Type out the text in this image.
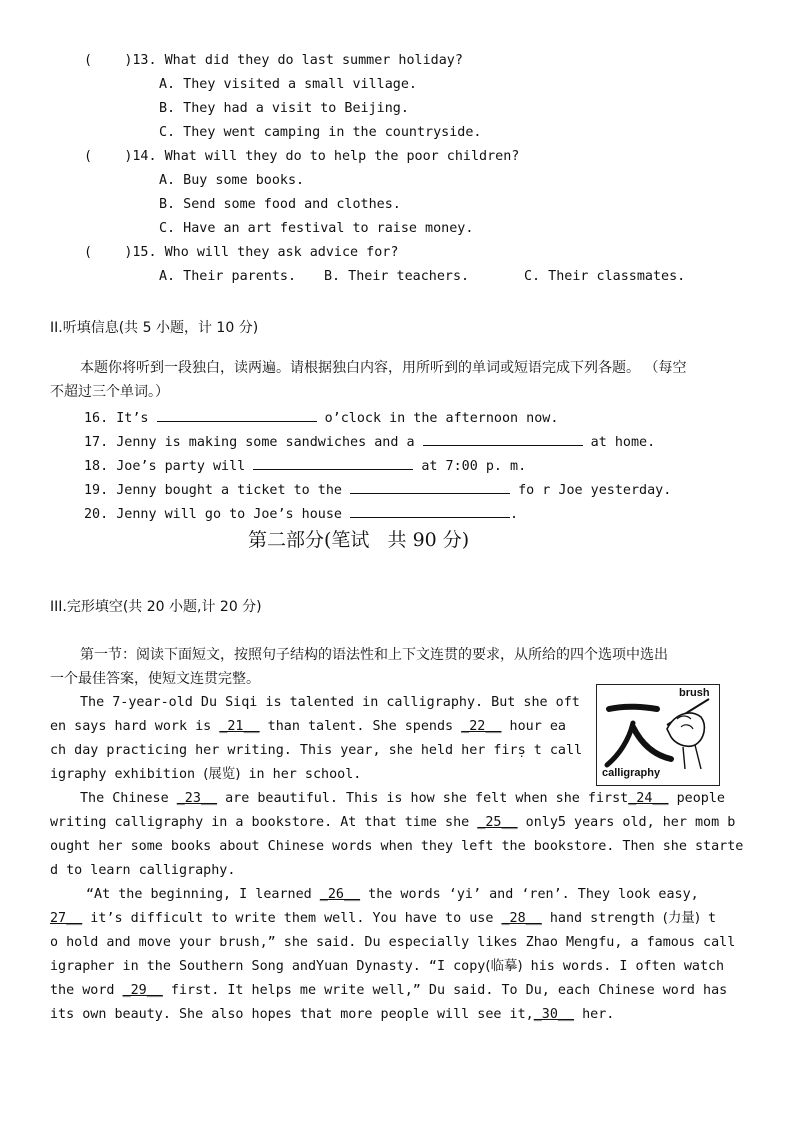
( )13. What did they do last summer holiday?
A. They visited a small village.
B. They had a visit to Beijing.
C. They went camping in the countryside.
( )14. What will they do to help the poor children?
A. Buy some books.
B. Send some food and clothes.
C. Have an art festival to raise money.
( )15. Who will they ask advice for?
A. Their parents. B. Their teachers.	C. Their classmates.
II.听填信息(共 5 小题，计 10 分)
本题你将听到一段独白，读两遍。请根据独白内容，用所听到的单词或短语完成下列各题。 （每空
不超过三个单词。）
16. It’s	o’clock in the afternoon now.
17. Jenny is making some sandwiches and a	at home.
18. Joe’s party will	at 7:00 p. m.
19. Jenny bought a ticket to the	fo r Joe yesterday.
20. Jenny will go to Joe’s house	.
第二部分(笔试   共 90 分)
III.完形填空(共 20 小题,计 20 分)
第一节：阅读下面短文，按照句子结构的语法性和上下文连贯的要求，从所给的四个选项中选出
一个最佳答案，使短文连贯完整。
brush
calligraphy
The 7-year-old Du Siqi is talented in calligraphy. But she oft
en says hard work is _21__ than talent. She spends _22__ hour ea
ch day practicing her writing. This year, she held her firṣ t call
igraphy exhibition (展览) in her school.
The Chinese _23__ are beautiful. This is how she felt when she first_24__ people
writing calligraphy in a bookstore. At that time she _25__ only5 years old, her mom b
ought her some books about Chinese words when they left the bookstore. Then she starte
d to learn calligraphy.
“At the beginning, I learned _26__ the words ‘yi’ and ‘ren’. They look easy,
27__ it’s difficult to write them well. You have to use _28__ hand strength (力量) t
o hold and move your brush,” she said. Du especially likes Zhao Mengfu, a famous call
igrapher in the Southern Song andYuan Dynasty. “I copy(临摹) his words. I often watch
the word _29__ first. It helps me write well,” Du said. To Du, each Chinese word has
its own beauty. She also hopes that more people will see it,_30__ her.
